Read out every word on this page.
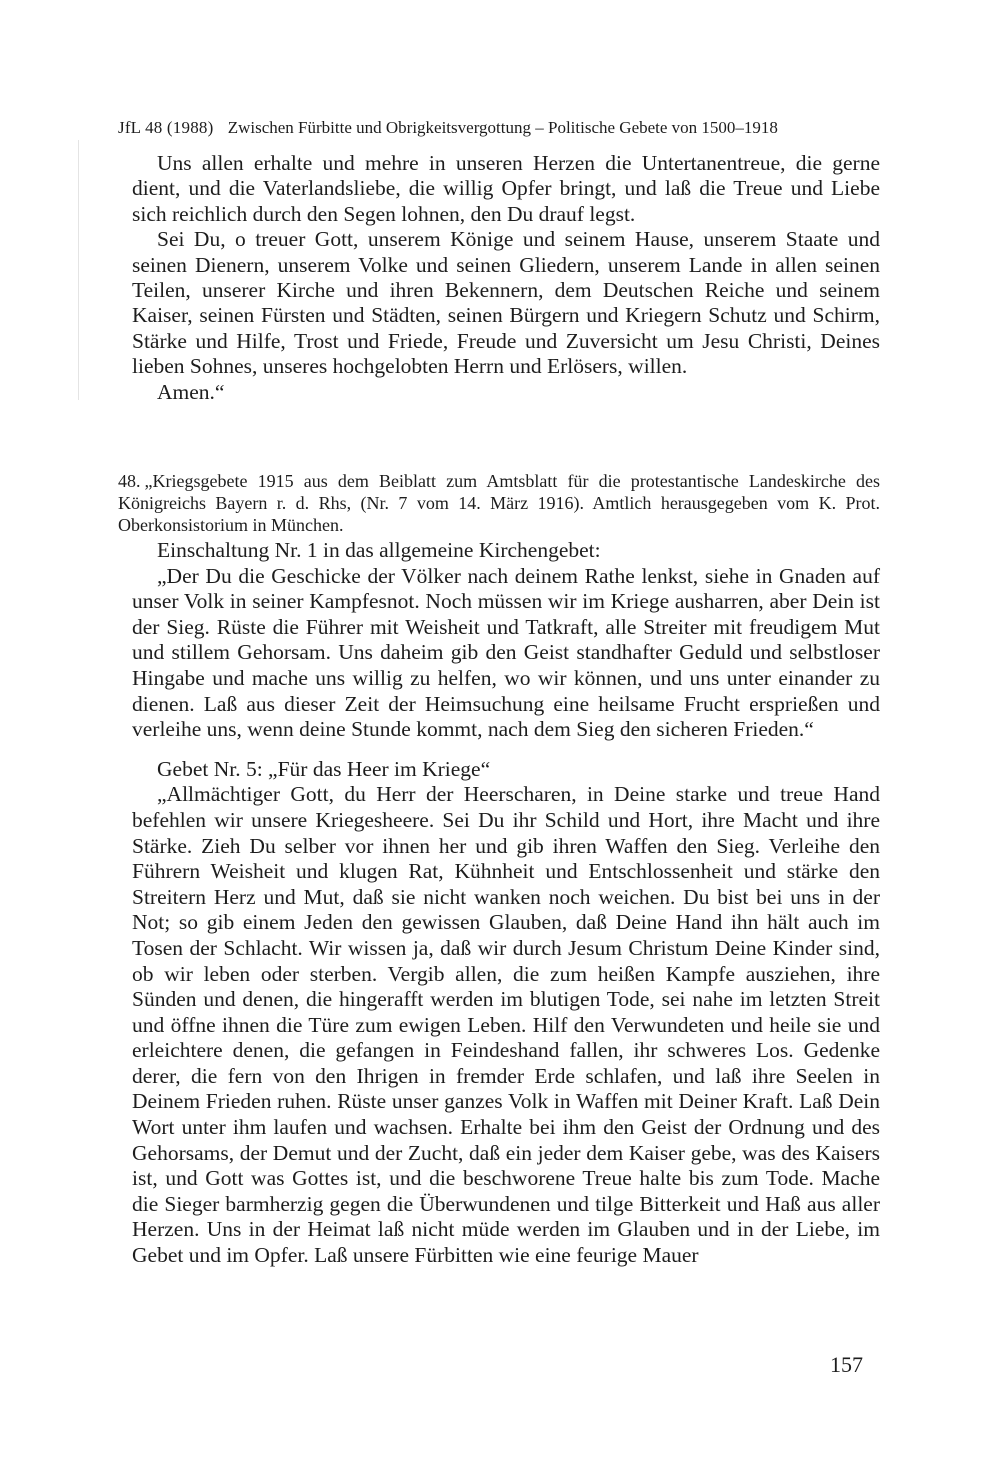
JfL 48 (1988) Zwischen Fürbitte und Obrigkeitsvergottung – Politische Gebete von 1500–1918

Uns allen erhalte und mehre in unseren Herzen die Untertanentreue, die gerne dient, und die Vaterlandsliebe, die willig Opfer bringt, und laß die Treue und Liebe sich reichlich durch den Segen lohnen, den Du drauf legst.

Sei Du, o treuer Gott, unserem Könige und seinem Hause, unserem Staate und seinen Dienern, unserem Volke und seinen Gliedern, unserem Lande in allen seinen Teilen, unserer Kirche und ihren Bekennern, dem Deutschen Reiche und seinem Kaiser, seinen Fürsten und Städten, seinen Bürgern und Kriegern Schutz und Schirm, Stärke und Hilfe, Trost und Friede, Freude und Zuversicht um Jesu Christi, Deines lieben Sohnes, unseres hochgelobten Herrn und Erlösers, willen.

Amen.“

48. „Kriegsgebete 1915 aus dem Beiblatt zum Amtsblatt für die protestantische Landeskirche des Königreichs Bayern r. d. Rhs, (Nr. 7 vom 14. März 1916). Amtlich herausgegeben vom K. Prot. Oberkonsistorium in München.

Einschaltung Nr. 1 in das allgemeine Kirchengebet:

„Der Du die Geschicke der Völker nach deinem Rathe lenkst, siehe in Gnaden auf unser Volk in seiner Kampfesnot. Noch müssen wir im Kriege ausharren, aber Dein ist der Sieg. Rüste die Führer mit Weisheit und Tatkraft, alle Streiter mit freudigem Mut und stillem Gehorsam. Uns daheim gib den Geist standhafter Geduld und selbstloser Hingabe und mache uns willig zu helfen, wo wir können, und uns unter einander zu dienen. Laß aus dieser Zeit der Heimsuchung eine heilsame Frucht ersprießen und verleihe uns, wenn deine Stunde kommt, nach dem Sieg den sicheren Frieden.“

Gebet Nr. 5: „Für das Heer im Kriege“

„Allmächtiger Gott, du Herr der Heerscharen, in Deine starke und treue Hand befehlen wir unsere Kriegesheere. Sei Du ihr Schild und Hort, ihre Macht und ihre Stärke. Zieh Du selber vor ihnen her und gib ihren Waffen den Sieg. Verleihe den Führern Weisheit und klugen Rat, Kühnheit und Entschlossenheit und stärke den Streitern Herz und Mut, daß sie nicht wanken noch weichen. Du bist bei uns in der Not; so gib einem Jeden den gewissen Glauben, daß Deine Hand ihn hält auch im Tosen der Schlacht. Wir wissen ja, daß wir durch Jesum Christum Deine Kinder sind, ob wir leben oder sterben. Vergib allen, die zum heißen Kampfe ausziehen, ihre Sünden und denen, die hingerafft werden im blutigen Tode, sei nahe im letzten Streit und öffne ihnen die Türe zum ewigen Leben. Hilf den Verwundeten und heile sie und erleichtere denen, die gefangen in Feindeshand fallen, ihr schweres Los. Gedenke derer, die fern von den Ihrigen in fremder Erde schlafen, und laß ihre Seelen in Deinem Frieden ruhen. Rüste unser ganzes Volk in Waffen mit Deiner Kraft. Laß Dein Wort unter ihm laufen und wachsen. Erhalte bei ihm den Geist der Ordnung und des Gehorsams, der Demut und der Zucht, daß ein jeder dem Kaiser gebe, was des Kaisers ist, und Gott was Gottes ist, und die beschworene Treue halte bis zum Tode. Mache die Sieger barmherzig gegen die Überwundenen und tilge Bitterkeit und Haß aus aller Herzen. Uns in der Heimat laß nicht müde werden im Glauben und in der Liebe, im Gebet und im Opfer. Laß unsere Fürbitten wie eine feurige Mauer

157
